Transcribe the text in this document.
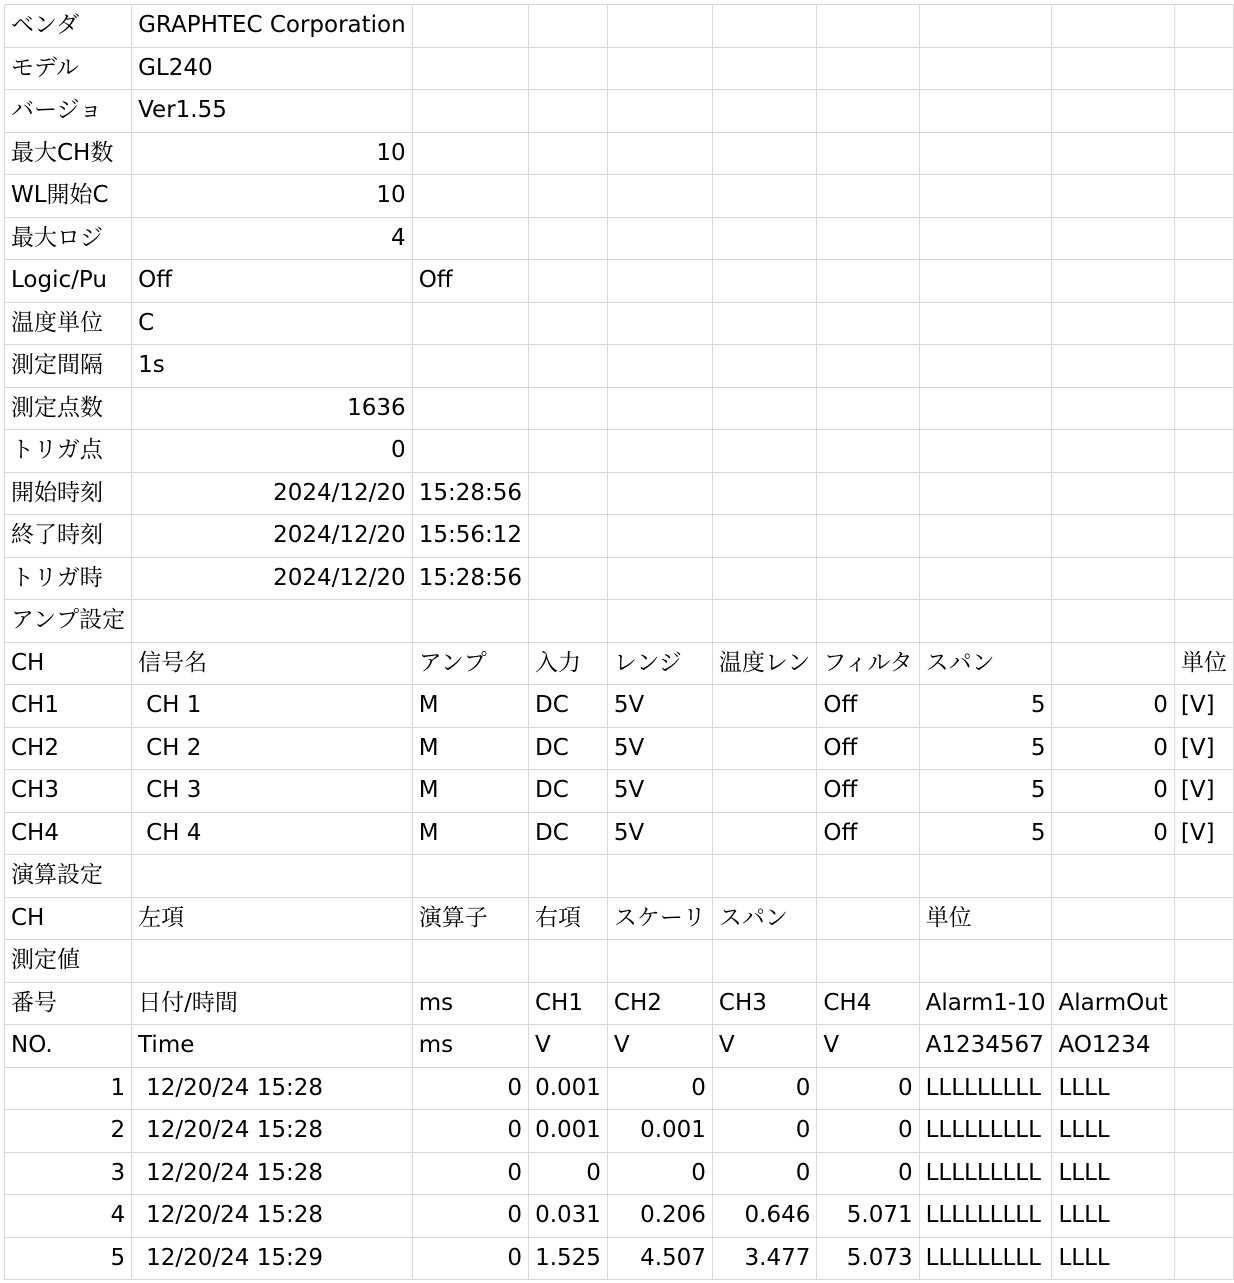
ベンダ	GRAPHTEC Corporation								
モデル	GL240								
バージョ	Ver1.55								
最大CH数	10								
WL開始C	10								
最大ロジ	4								
Logic/Pu	Off	Off							
温度単位	C								
測定間隔	1s								
測定点数	1636								
トリガ点	0								
開始時刻	2024/12/20	15:28:56							
終了時刻	2024/12/20	15:56:12							
トリガ時	2024/12/20	15:28:56							
アンプ設定									
CH	信号名	アンプ	入力	レンジ	温度レン	フィルタ	スパン		単位
CH1	CH 1	M	DC	5V		Off	5	0	[V]
CH2	CH 2	M	DC	5V		Off	5	0	[V]
CH3	CH 3	M	DC	5V		Off	5	0	[V]
CH4	CH 4	M	DC	5V		Off	5	0	[V]
演算設定									
CH	左項	演算子	右項	スケーリ	スパン		単位		
測定値									
番号	日付/時間	ms	CH1	CH2	CH3	CH4	Alarm1-10	AlarmOut	
NO.	Time	ms	V	V	V	V	A1234567	AO1234	
1	12/20/24 15:28	0	0.001	0	0	0	LLLLLLLLL	LLLL	
2	12/20/24 15:28	0	0.001	0.001	0	0	LLLLLLLLL	LLLL	
3	12/20/24 15:28	0	0	0	0	0	LLLLLLLLL	LLLL	
4	12/20/24 15:28	0	0.031	0.206	0.646	5.071	LLLLLLLLL	LLLL	
5	12/20/24 15:29	0	1.525	4.507	3.477	5.073	LLLLLLLLL	LLLL	
